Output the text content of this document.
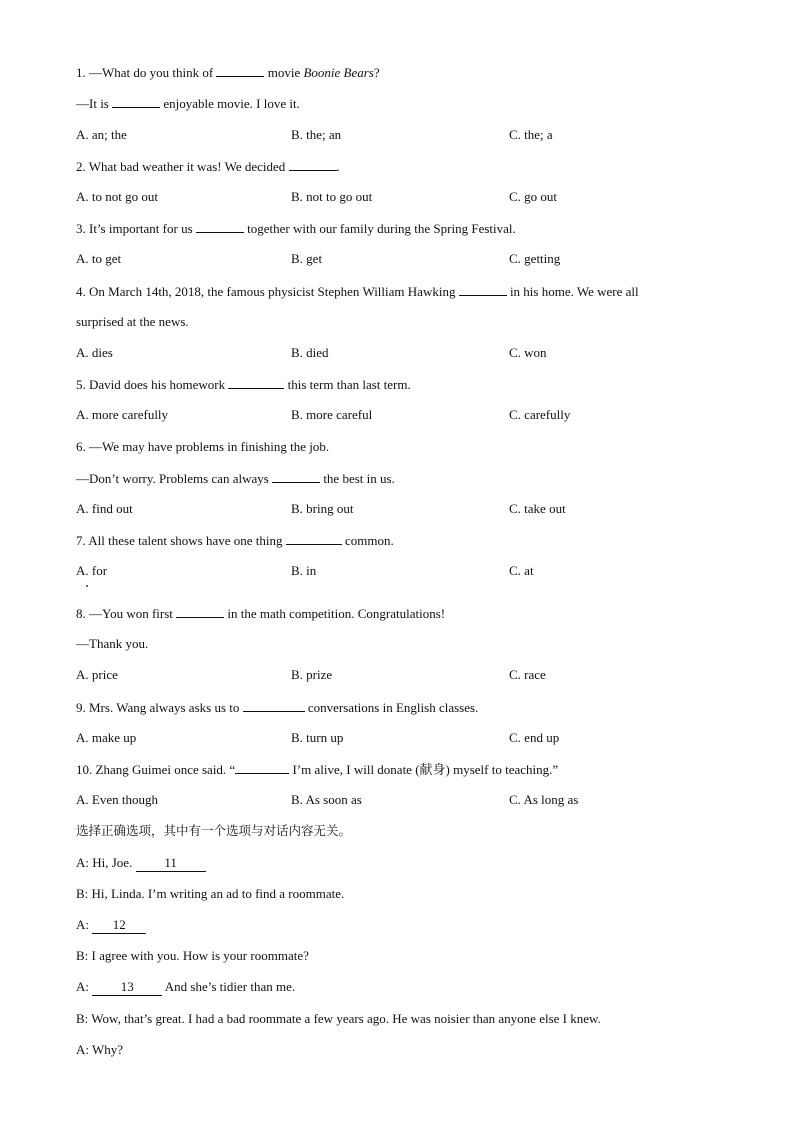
1. —What do you think of	movie Boonie Bears?
—It is	enjoyable movie. I love it.
A. an; the	B. the; an	C. the; a
2. What bad weather it was! We decided	.
A. to not go out	B. not to go out	C. go out
3. It’s important for us	together with our family during the Spring Festival.
A. to get	B. get	C. getting
4. On March 14th, 2018, the famous physicist Stephen William Hawking	in his home. We were all
surprised at the news.
A. dies	B. died	C. won
5. David does his homework	this term than last term.
A. more carefully	B. more careful	C. carefully
6. —We may have problems in finishing the job.
—Don’t worry. Problems can always	the best in us.
A. find out	B. bring out	C. take out
7. All these talent shows have one thing	common.
A. for	B. in	C. at
8. —You won first	in the math competition. Congratulations!
—Thank you.
A. price	B. prize	C. race
9. Mrs. Wang always asks us to	conversations in English classes.
A. make up	B. turn up	C. end up
10. Zhang Guimei once said. “	I’m alive, I will donate (献身) myself to teaching.”
A. Even though	B. As soon as	C. As long as
选择正确选项，其中有一个选项与对话内容无关。
A: Hi, Joe. 11
B: Hi, Linda. I’m writing an ad to find a roommate.
A: 12
B: I agree with you. How is your roommate?
A: 13 And she’s tidier than me.
B: Wow, that’s great. I had a bad roommate a few years ago. He was noisier than anyone else I knew.
A: Why?
